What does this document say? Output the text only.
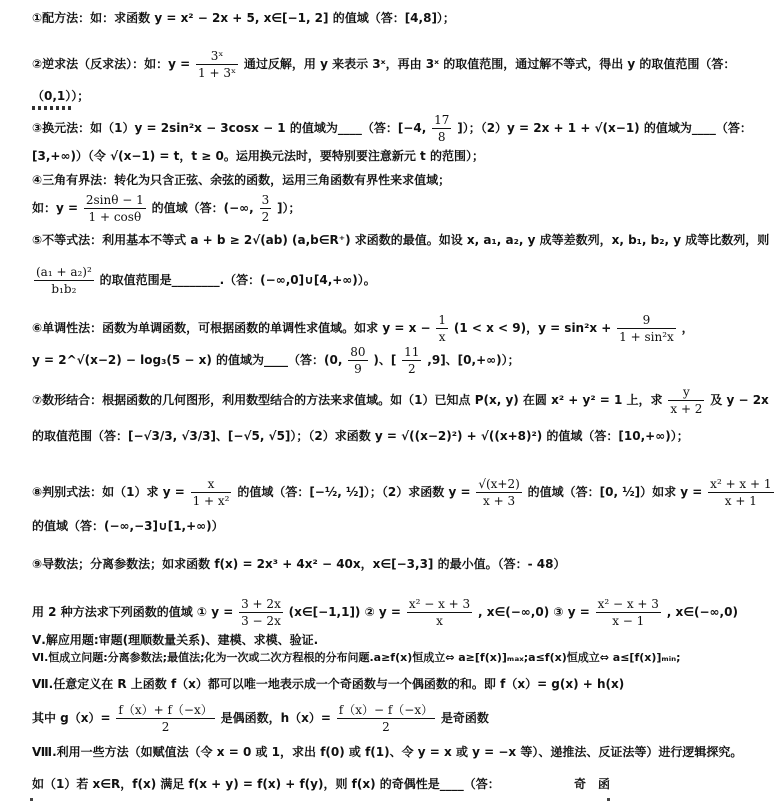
①配方法：如：求函数 y = x² − 2x + 5, x∈[−1, 2] 的值域（答：[4,8]）；
②逆求法（反求法）：如：$y = \frac{\text{3ˣ}}{\text{1 + 3ˣ}}$ 通过反解，用 y 来表示 3ˣ，再由 3ˣ 的取值范围，通过解不等式，得出 y 的取值范围（答：
（0,1））；
③换元法：如（1）y = 2sin²x − 3cosx − 1 的值域为____（答：[−4, $\frac{17}{8}$ ]）；（2）y = 2x + 1 + √(x−1) 的值域为____（答：
[3,+∞)）（令 √(x−1) = t，t ≥ 0。运用换元法时，要特别要注意新元 t 的范围）；
④三角有界法：转化为只含正弦、余弦的函数，运用三角函数有界性来求值域；
如：$y = \frac{2\sin\theta - 1}{1 + \cos\theta}$ 的值域（答：(−∞, $\frac{3}{2}$ ]）；
⑤不等式法：利用基本不等式 a + b ≥ 2√(ab) (a,b∈R⁺) 求函数的最值。如设 x, a₁, a₂, y 成等差数列，x, b₁, b₂, y 成等比数列，则
$\frac{\text{(a₁ + a₂)²}}{\text{b₁b₂}}$ 的取值范围是________.（答：(−∞,0]∪[4,+∞)）。
⑥单调性法：函数为单调函数，可根据函数的单调性求值域。如求 $y = x - \frac{1}{x} (1 < x < 9)$，$y = \sin^2x + \frac{9}{\text{1 + sin²x}}$ ，
y = 2^√(x−2) − log₃(5 − x) 的值域为____（答：(0, $\frac{80}{9}$ )、[ $\frac{11}{2} ,9$]、[0,+∞)）；
⑦数形结合：根据函数的几何图形，利用数型结合的方法来求值域。如（1）已知点 P(x, y) 在圆 x² + y² = 1 上，求 $\frac{y}{x + 2}$ 及 y − 2x
的取值范围（答：[−√3/3, √3/3]、[−√5, √5]）；（2）求函数 y = √((x−2)²) + √((x+8)²) 的值域（答：[10,+∞)）；
⑧判别式法：如（1）求 $y = \frac{x}{\text{1 + x²}}$ 的值域（答：[−½, ½]）；（2）求函数 $y = \frac{√(x+2)}{x + 3}$ 的值域（答：[0, ½]）如求 $y = \frac{\text{x² + x + 1}}{x + 1}$
的值域（答：(−∞,−3]∪[1,+∞)）
⑨导数法；分离参数法；如求函数 f(x) = 2x³ + 4x² − 40x，x∈[−3,3] 的最小值。（答：- 48）
用 2 种方法求下列函数的值域 ① $y = \frac{3 + 2x}{3 - 2x}$ (x∈[−1,1]) ② $y = \frac{\text{x² − x + 3}}{x}$ , x∈(−∞,0) ③ $y = \frac{\text{x² − x + 3}}{x - 1}$ , x∈(−∞,0)
Ⅴ.解应用题:审题(理顺数量关系)、建模、求模、验证.
Ⅵ.恒成立问题:分离参数法;最值法;化为一次或二次方程根的分布问题.a≥f(x)恒成立⇔ a≥[f(x)]ₘₐₓ;a≤f(x)恒成立⇔ a≤[f(x)]ₘᵢₙ;
Ⅶ.任意定义在 R 上函数 f（x）都可以唯一地表示成一个奇函数与一个偶函数的和。即 f（x）= g(x) + h(x)
其中 $g(x)= \frac{f(x)+ f(-x)}{2}$ 是偶函数，$h(x)= \frac{f(x)- f(-x)}{2}$ 是奇函数
Ⅷ.利用一些方法（如赋值法（令 x = 0 或 1，求出 f(0) 或 f(1)、令 y = x 或 y = −x 等）、递推法、反证法等）进行逻辑探究。
如（1）若 x∈R，f(x) 满足 f(x + y) = f(x) + f(y)，则 f(x) 的奇偶性是____（答：	奇　函
